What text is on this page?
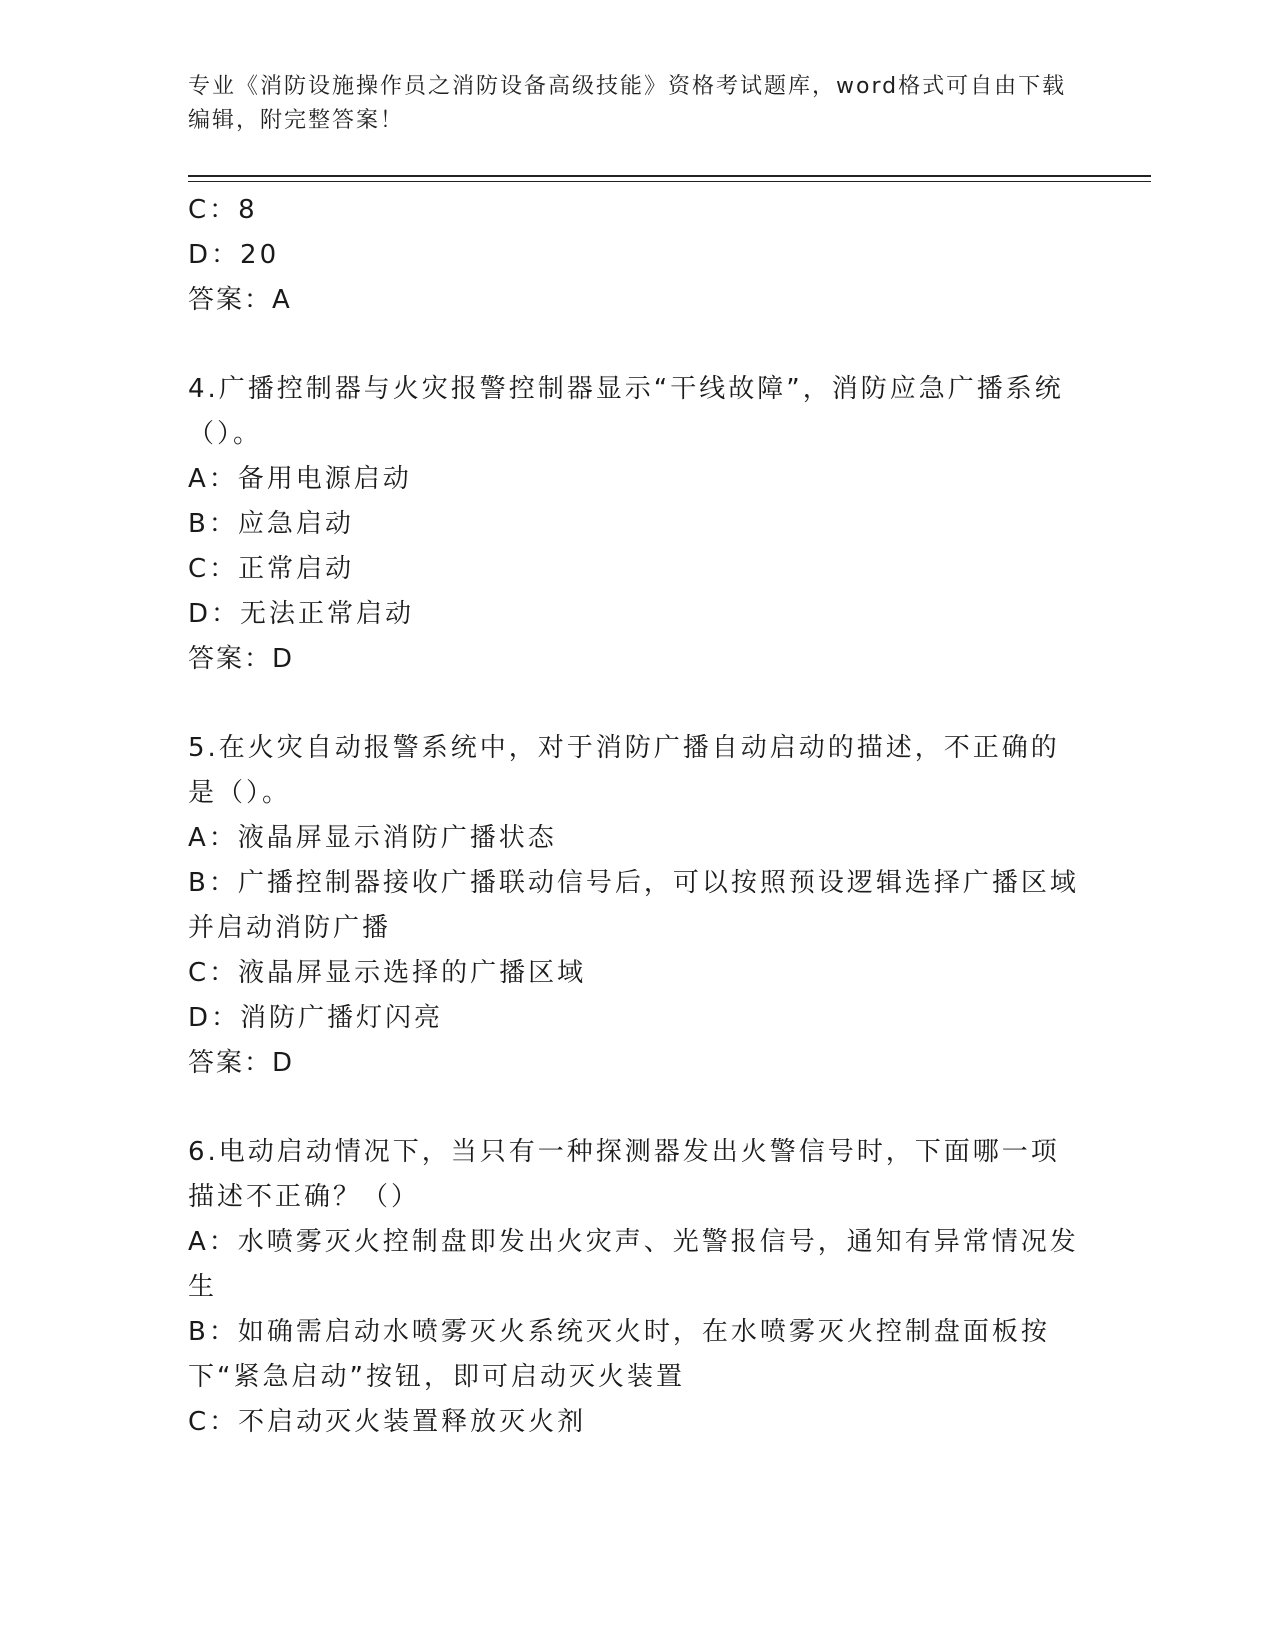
专业《消防设施操作员之消防设备高级技能》资格考试题库，word格式可自由下载编辑，附完整答案！

C：8

D：20

答案：A

4.广播控制器与火灾报警控制器显示“干线故障”，消防应急广播系统（）。

A：备用电源启动

B：应急启动

C：正常启动

D：无法正常启动

答案：D

5.在火灾自动报警系统中，对于消防广播自动启动的描述，不正确的是（）。

A：液晶屏显示消防广播状态

B：广播控制器接收广播联动信号后，可以按照预设逻辑选择广播区域并启动消防广播

C：液晶屏显示选择的广播区域

D：消防广播灯闪亮

答案：D

6.电动启动情况下，当只有一种探测器发出火警信号时，下面哪一项描述不正确？（）

A：水喷雾灭火控制盘即发出火灾声、光警报信号，通知有异常情况发生

B：如确需启动水喷雾灭火系统灭火时，在水喷雾灭火控制盘面板按下“紧急启动”按钮，即可启动灭火装置

C：不启动灭火装置释放灭火剂
